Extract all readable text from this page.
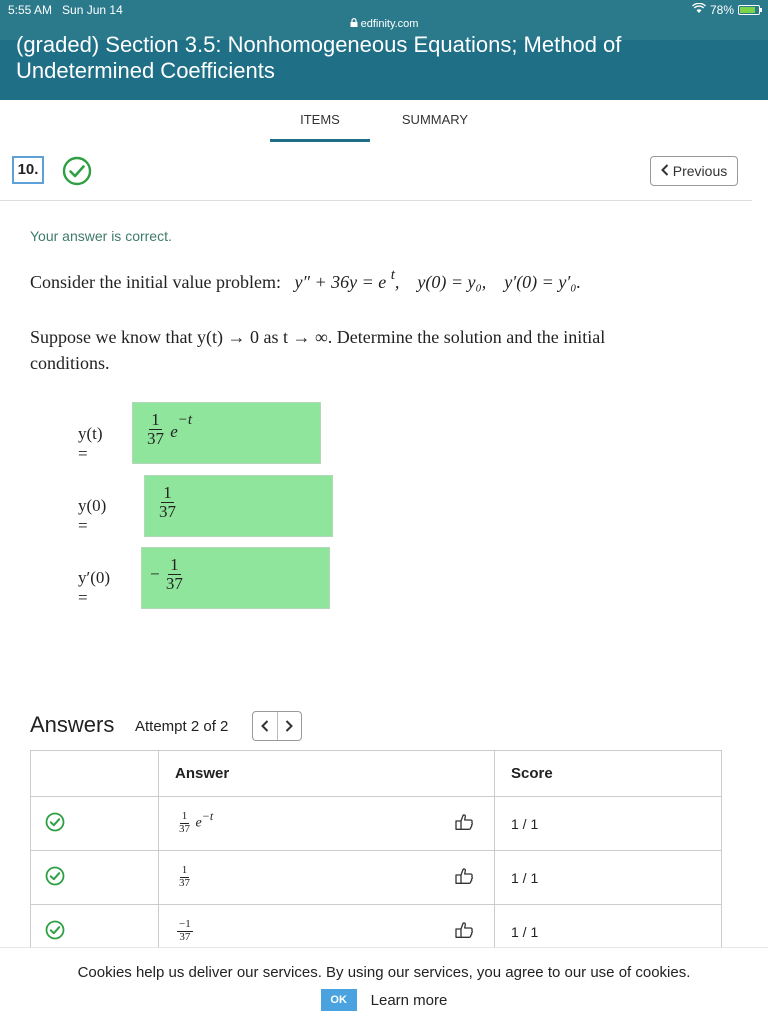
5:55 AM Sun Jun 14	78%
edfinity.com
(graded) Section 3.5: Nonhomogeneous Equations; Method of Undetermined Coefficients
ITEMS	SUMMARY
10.	Previous
Your answer is correct.
Consider the initial value problem: y″ + 36y = e $^t$, y(0) = y₀, y′(0) = y′₀.
Suppose we know that y(t) → 0 as t → ∞. Determine the solution and the initial conditions.
y(t) =
$\frac{1}{37} e-t$
y(0) =
$\frac{1}{37}$
y′(0) =
− $\frac{1}{37}$
Answers Attempt 2 of 2
	Answer	Score

$\frac{1}{37} e-t$	1 / 1

$\frac{1}{37}$	1 / 1

$\frac{-1}{37}$	1 / 1

Cookies help us deliver our services. By using our services, you agree to our use of cookies.

OK	Learn more
